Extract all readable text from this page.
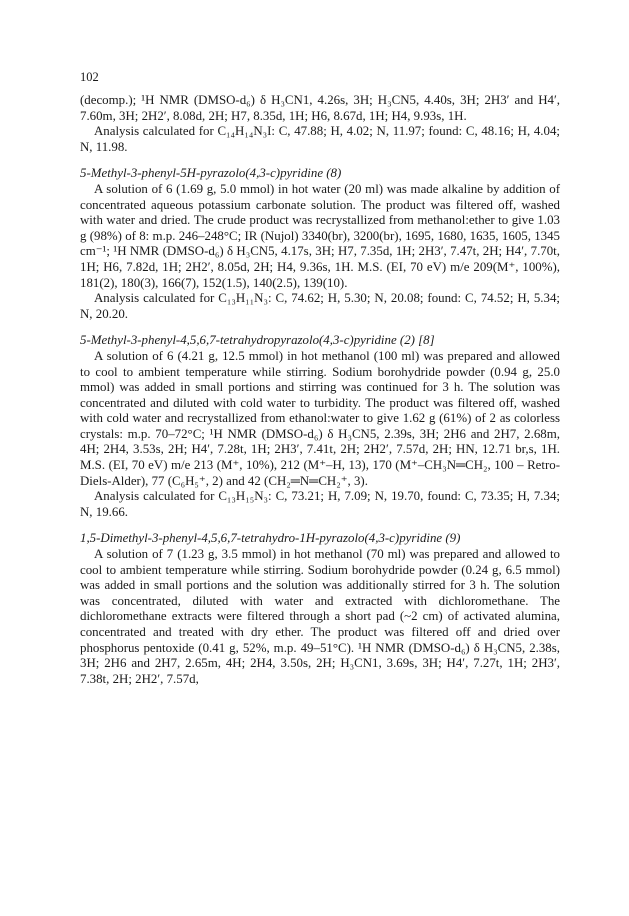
102

(decomp.); ¹H NMR (DMSO-d₆) δ H₃CN1, 4.26s, 3H; H₃CN5, 4.40s, 3H; 2H3′ and H4′, 7.60m, 3H; 2H2′, 8.08d, 2H; H7, 8.35d, 1H; H6, 8.67d, 1H; H4, 9.93s, 1H.

Analysis calculated for C₁₄H₁₄N₃I: C, 47.88; H, 4.02; N, 11.97; found: C, 48.16; H, 4.04; N, 11.98.

5-Methyl-3-phenyl-5H-pyrazolo(4,3-c)pyridine (8)

A solution of 6 (1.69 g, 5.0 mmol) in hot water (20 ml) was made alkaline by addition of concentrated aqueous potassium carbonate solution. The product was filtered off, washed with water and dried. The crude product was recrystallized from methanol:ether to give 1.03 g (98%) of 8: m.p. 246–248°C; IR (Nujol) 3340(br), 3200(br), 1695, 1680, 1635, 1605, 1345 cm⁻¹; ¹H NMR (DMSO-d₆) δ H₃CN5, 4.17s, 3H; H7, 7.35d, 1H; 2H3′, 7.47t, 2H; H4′, 7.70t, 1H; H6, 7.82d, 1H; 2H2′, 8.05d, 2H; H4, 9.36s, 1H. M.S. (EI, 70 eV) m/e 209(M⁺, 100%), 181(2), 180(3), 166(7), 152(1.5), 140(2.5), 139(10).

Analysis calculated for C₁₃H₁₁N₃: C, 74.62; H, 5.30; N, 20.08; found: C, 74.52; H, 5.34; N, 20.20.

5-Methyl-3-phenyl-4,5,6,7-tetrahydropyrazolo(4,3-c)pyridine (2) [8]

A solution of 6 (4.21 g, 12.5 mmol) in hot methanol (100 ml) was prepared and allowed to cool to ambient temperature while stirring. Sodium borohydride powder (0.94 g, 25.0 mmol) was added in small portions and stirring was continued for 3 h. The solution was concentrated and diluted with cold water to turbidity. The product was filtered off, washed with cold water and recrystallized from ethanol:water to give 1.62 g (61%) of 2 as colorless crystals: m.p. 70–72°C; ¹H NMR (DMSO-d₆) δ H₃CN5, 2.39s, 3H; 2H6 and 2H7, 2.68m, 4H; 2H4, 3.53s, 2H; H4′, 7.28t, 1H; 2H3′, 7.41t, 2H; 2H2′, 7.57d, 2H; HN, 12.71 br,s, 1H. M.S. (EI, 70 eV) m/e 213 (M⁺, 10%), 212 (M⁺–H, 13), 170 (M⁺–CH₃N═CH₂, 100 – Retro-Diels-Alder), 77 (C₆H₅⁺, 2) and 42 (CH₂═N═CH₂⁺, 3).

Analysis calculated for C₁₃H₁₅N₃: C, 73.21; H, 7.09; N, 19.70, found: C, 73.35; H, 7.34; N, 19.66.

1,5-Dimethyl-3-phenyl-4,5,6,7-tetrahydro-1H-pyrazolo(4,3-c)pyridine (9)

A solution of 7 (1.23 g, 3.5 mmol) in hot methanol (70 ml) was prepared and allowed to cool to ambient temperature while stirring. Sodium borohydride powder (0.24 g, 6.5 mmol) was added in small portions and the solution was additionally stirred for 3 h. The solution was concentrated, diluted with water and extracted with dichloromethane. The dichloromethane extracts were filtered through a short pad (~2 cm) of activated alumina, concentrated and treated with dry ether. The product was filtered off and dried over phosphorus pentoxide (0.41 g, 52%, m.p. 49–51°C). ¹H NMR (DMSO-d₆) δ H₃CN5, 2.38s, 3H; 2H6 and 2H7, 2.65m, 4H; 2H4, 3.50s, 2H; H₃CN1, 3.69s, 3H; H4′, 7.27t, 1H; 2H3′, 7.38t, 2H; 2H2′, 7.57d,
